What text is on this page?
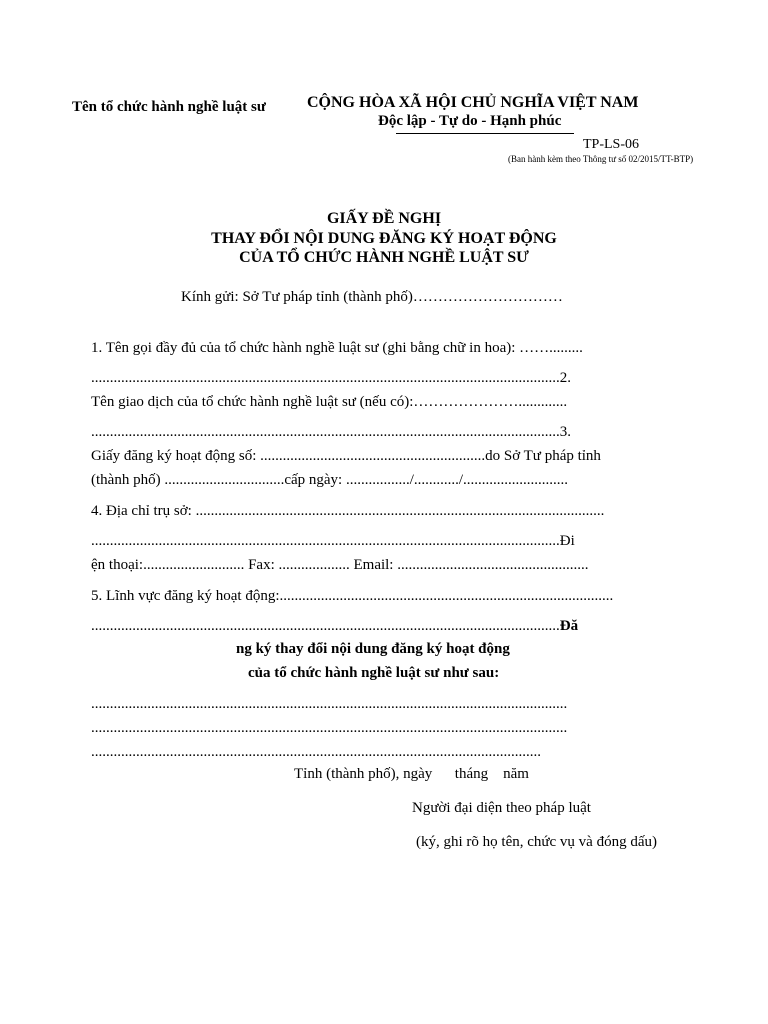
Tên tổ chức hành nghề luật sư	CỘNG HÒA XÃ HỘI CHỦ NGHĨA VIỆT NAM
Độc lập - Tự do - Hạnh phúc
TP-LS-06
(Ban hành kèm theo Thông tư số 02/2015/TT-BTP)
GIẤY ĐỀ NGHỊ
THAY ĐỔI NỘI DUNG ĐĂNG KÝ HOẠT ĐỘNG
CỦA TỔ CHỨC HÀNH NGHỀ LUẬT SƯ
Kính gửi: Sở Tư pháp tỉnh (thành phố)…………………………
1. Tên gọi đầy đủ của tổ chức hành nghề luật sư (ghi bằng chữ in hoa): …….........
.............................................................................................................................2.
Tên giao dịch của tổ chức hành nghề luật sư (nếu có):………………….............
.............................................................................................................................3.
Giấy đăng ký hoạt động số: ............................................................do Sở Tư pháp tỉnh
(thành phố) ................................cấp ngày: ................./............/............................
4. Địa chỉ trụ sở: .............................................................................................................
.............................................................................................................................Đi
ện thoại:........................... Fax: ................... Email: ...................................................
5. Lĩnh vực đăng ký hoạt động:.........................................................................................
.............................................................................................................................Đă
ng ký thay đổi nội dung đăng ký hoạt động
của tổ chức hành nghề luật sư như sau:
...............................................................................................................................
...............................................................................................................................
........................................................................................................................
Tỉnh (thành phố), ngày      tháng    năm
Người đại diện theo pháp luật
(ký, ghi rõ họ tên, chức vụ và đóng dấu)
